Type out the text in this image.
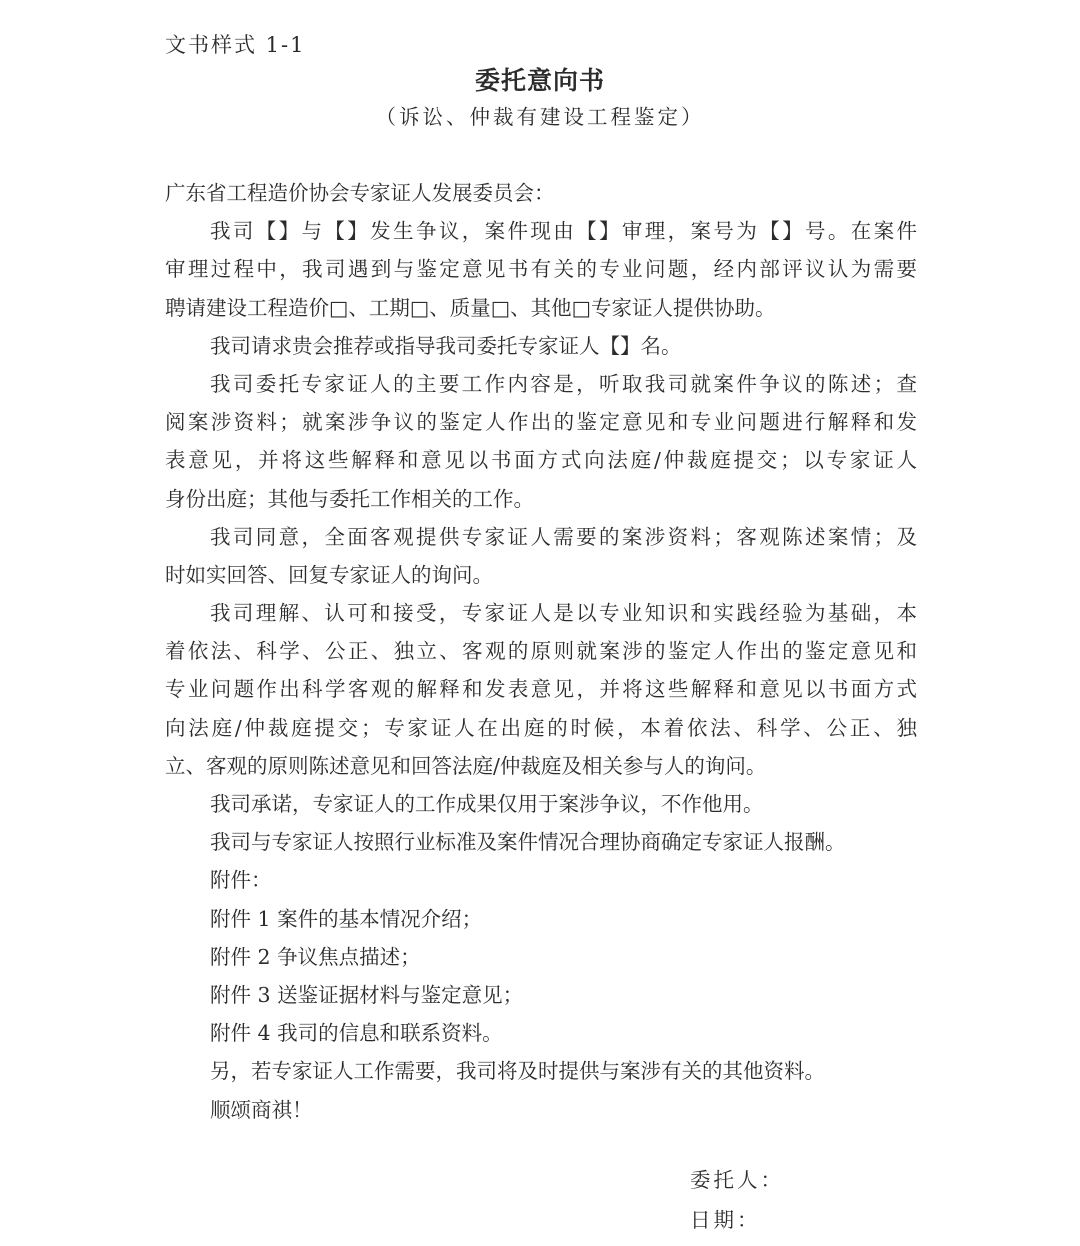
文书样式 1-1
委托意向书
（诉讼、仲裁有建设工程鉴定）
广东省工程造价协会专家证人发展委员会：
我司【】与【】发生争议，案件现由【】审理，案号为【】号。在案件
审理过程中，我司遇到与鉴定意见书有关的专业问题，经内部评议认为需要
聘请建设工程造价□、工期□、质量□、其他□专家证人提供协助。
我司请求贵会推荐或指导我司委托专家证人【】名。
我司委托专家证人的主要工作内容是，听取我司就案件争议的陈述；查
阅案涉资料；就案涉争议的鉴定人作出的鉴定意见和专业问题进行解释和发
表意见，并将这些解释和意见以书面方式向法庭/仲裁庭提交；以专家证人
身份出庭；其他与委托工作相关的工作。
我司同意，全面客观提供专家证人需要的案涉资料；客观陈述案情；及
时如实回答、回复专家证人的询问。
我司理解、认可和接受，专家证人是以专业知识和实践经验为基础，本
着依法、科学、公正、独立、客观的原则就案涉的鉴定人作出的鉴定意见和
专业问题作出科学客观的解释和发表意见，并将这些解释和意见以书面方式
向法庭/仲裁庭提交；专家证人在出庭的时候，本着依法、科学、公正、独
立、客观的原则陈述意见和回答法庭/仲裁庭及相关参与人的询问。
我司承诺，专家证人的工作成果仅用于案涉争议，不作他用。
我司与专家证人按照行业标准及案件情况合理协商确定专家证人报酬。
附件：
附件 1 案件的基本情况介绍；
附件 2 争议焦点描述；
附件 3 送鉴证据材料与鉴定意见；
附件 4 我司的信息和联系资料。
另，若专家证人工作需要，我司将及时提供与案涉有关的其他资料。
顺颂商祺！
委托人：
日期：
